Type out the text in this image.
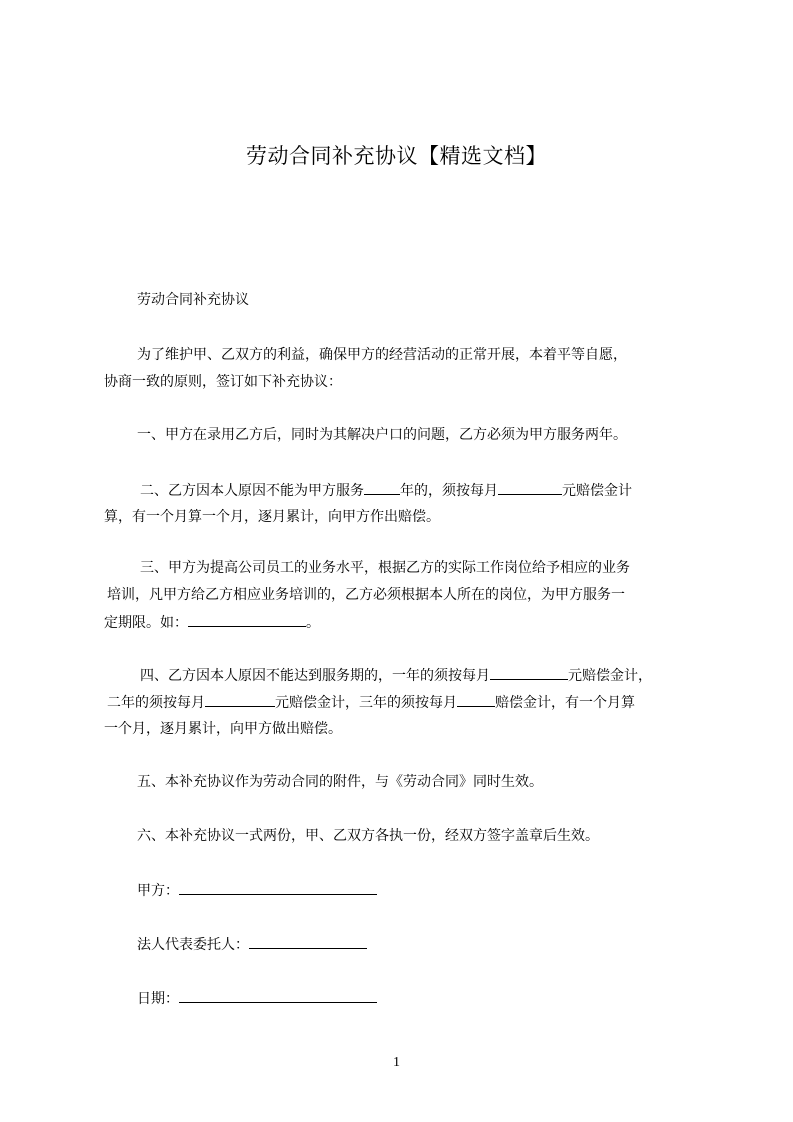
劳动合同补充协议【精选文档】
劳动合同补充协议
为了维护甲、乙双方的利益，确保甲方的经营活动的正常开展，本着平等自愿，
协商一致的原则，签订如下补充协议：
一、甲方在录用乙方后，同时为其解决户口的问题，乙方必须为甲方服务两年。
二、乙方因本人原因不能为甲方服务	年的，须按每月	元赔偿金计
算，有一个月算一个月，逐月累计，向甲方作出赔偿。
三、甲方为提高公司员工的业务水平，根据乙方的实际工作岗位给予相应的业务
培训，凡甲方给乙方相应业务培训的，乙方必须根据本人所在的岗位，为甲方服务一
定期限。如：	。
四、乙方因本人原因不能达到服务期的，一年的须按每月	元赔偿金计，
二年的须按每月	元赔偿金计，三年的须按每月	赔偿金计，有一个月算
一个月，逐月累计，向甲方做出赔偿。
五、本补充协议作为劳动合同的附件，与《劳动合同》同时生效。
六、本补充协议一式两份，甲、乙双方各执一份，经双方签字盖章后生效。
甲方：
法人代表委托人：
日期：
1
